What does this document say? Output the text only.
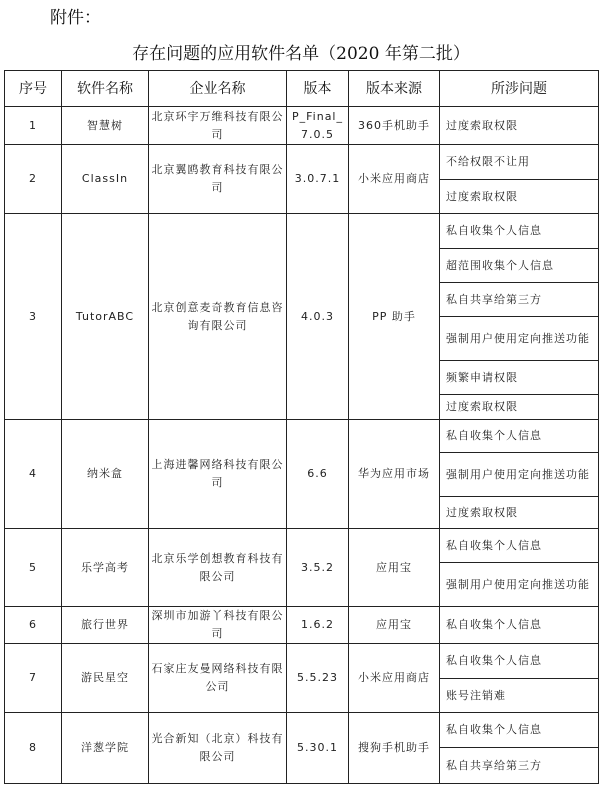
附件：
存在问题的应用软件名单（2020 年第二批）
序号	软件名称	企业名称	版本	版本来源	所涉问题
1	智慧树	北京环宇万维科技有限公司	P_Final_7.0.5	360手机助手	过度索取权限
2	ClassIn	北京翼鸥教育科技有限公司	3.0.7.1	小米应用商店	不给权限不让用
					过度索取权限
3	TutorABC	北京创意麦奇教育信息咨询有限公司	4.0.3	PP 助手	私自收集个人信息
					超范围收集个人信息
					私自共享给第三方
					强制用户使用定向推送功能
					频繁申请权限
					过度索取权限
4	纳米盒	上海进馨网络科技有限公司	6.6	华为应用市场	私自收集个人信息
					强制用户使用定向推送功能
					过度索取权限
5	乐学高考	北京乐学创想教育科技有限公司	3.5.2	应用宝	私自收集个人信息
					强制用户使用定向推送功能
6	旅行世界	深圳市加游丫科技有限公司	1.6.2	应用宝	私自收集个人信息
7	游民星空	石家庄友曼网络科技有限公司	5.5.23	小米应用商店	私自收集个人信息
					账号注销难
8	洋葱学院	光合新知（北京）科技有限公司	5.30.1	搜狗手机助手	私自收集个人信息
					私自共享给第三方
